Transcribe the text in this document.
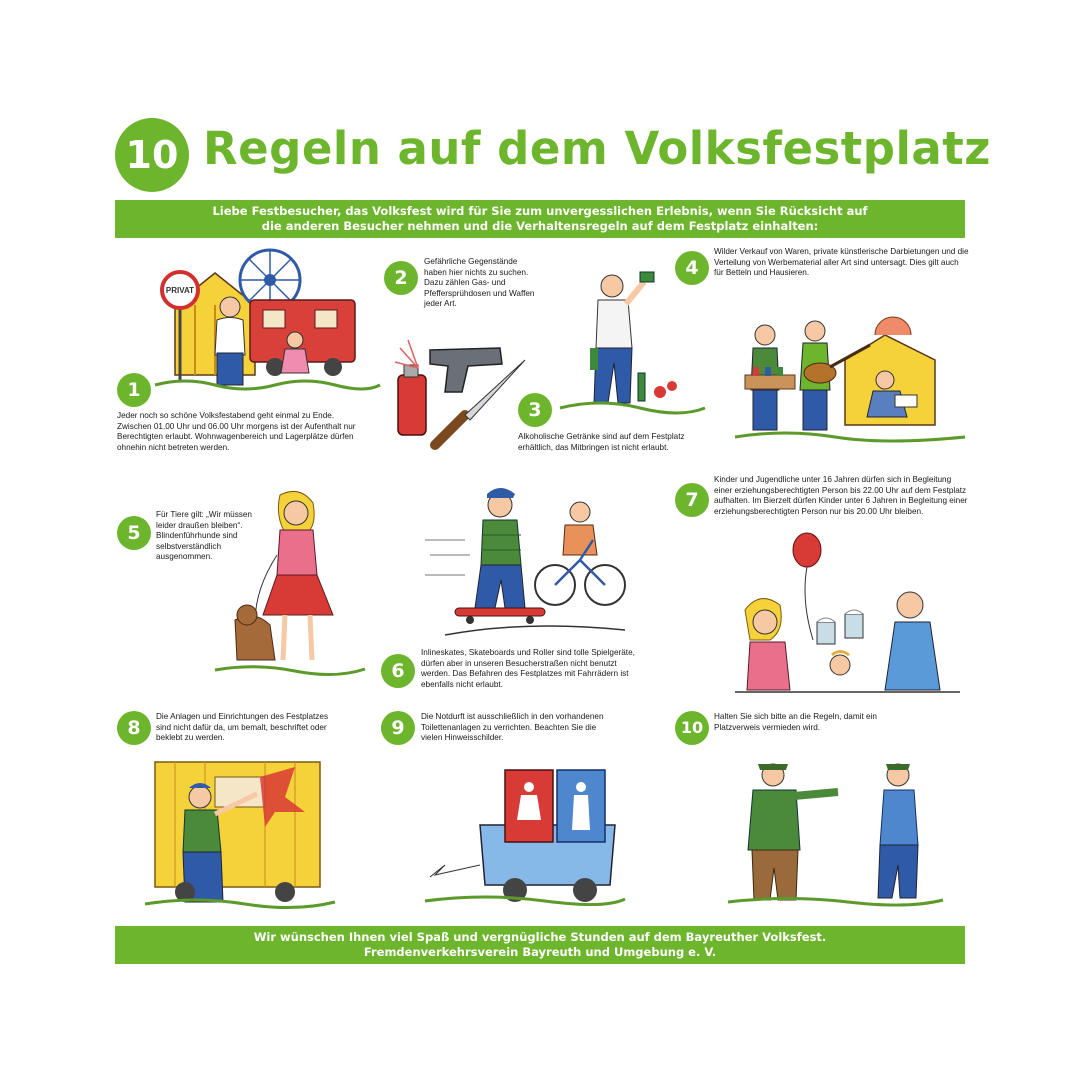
10 Regeln auf dem Volksfestplatz
Liebe Festbesucher, das Volksfest wird für Sie zum unvergesslichen Erlebnis, wenn Sie Rücksicht auf
die anderen Besucher nehmen und die Verhaltensregeln auf dem Festplatz einhalten:
PRIVAT
1
Jeder noch so schöne Volksfestabend geht einmal zu Ende. Zwischen 01.00 Uhr und 06.00 Uhr morgens ist der Aufenthalt nur Berechtigten erlaubt. Wohnwagenbereich und Lagerplätze dürfen ohnehin nicht betreten werden.
2
Gefährliche Gegenstände haben hier nichts zu suchen. Dazu zählen Gas- und Pfeffersprühdosen und Waffen jeder Art.
3
Alkoholische Getränke sind auf dem Festplatz erhältlich, das Mitbringen ist nicht erlaubt.
4
Wilder Verkauf von Waren, private künstlerische Darbietungen und die Verteilung von Werbematerial aller Art sind untersagt. Dies gilt auch für Betteln und Hausieren.
5
Für Tiere gilt: „Wir müssen leider draußen bleiben“. Blindenführhunde sind selbstverständlich ausgenommen.
6
Inlineskates, Skateboards und Roller sind tolle Spielgeräte, dürfen aber in unseren Besucherstraßen nicht benutzt werden. Das Befahren des Festplatzes mit Fahrrädern ist ebenfalls nicht erlaubt.
7
Kinder und Jugendliche unter 16 Jahren dürfen sich in Begleitung einer erziehungsberechtigten Person bis 22.00 Uhr auf dem Festplatz aufhalten. Im Bierzelt dürfen Kinder unter 6 Jahren in Begleitung einer erziehungsberechtigten Person nur bis 20.00 Uhr bleiben.
8
Die Anlagen und Einrichtungen des Festplatzes sind nicht dafür da, um bemalt, beschriftet oder beklebt zu werden.	9
Die Notdurft ist ausschließlich in den vorhandenen Toilettenanlagen zu verrichten. Beachten Sie die vielen Hinweisschilder.
10
Halten Sie sich bitte an die Regeln, damit ein Platzverweis vermieden wird.
Wir wünschen Ihnen viel Spaß und vergnügliche Stunden auf dem Bayreuther Volksfest.
Fremdenverkehrsverein Bayreuth und Umgebung e. V.
